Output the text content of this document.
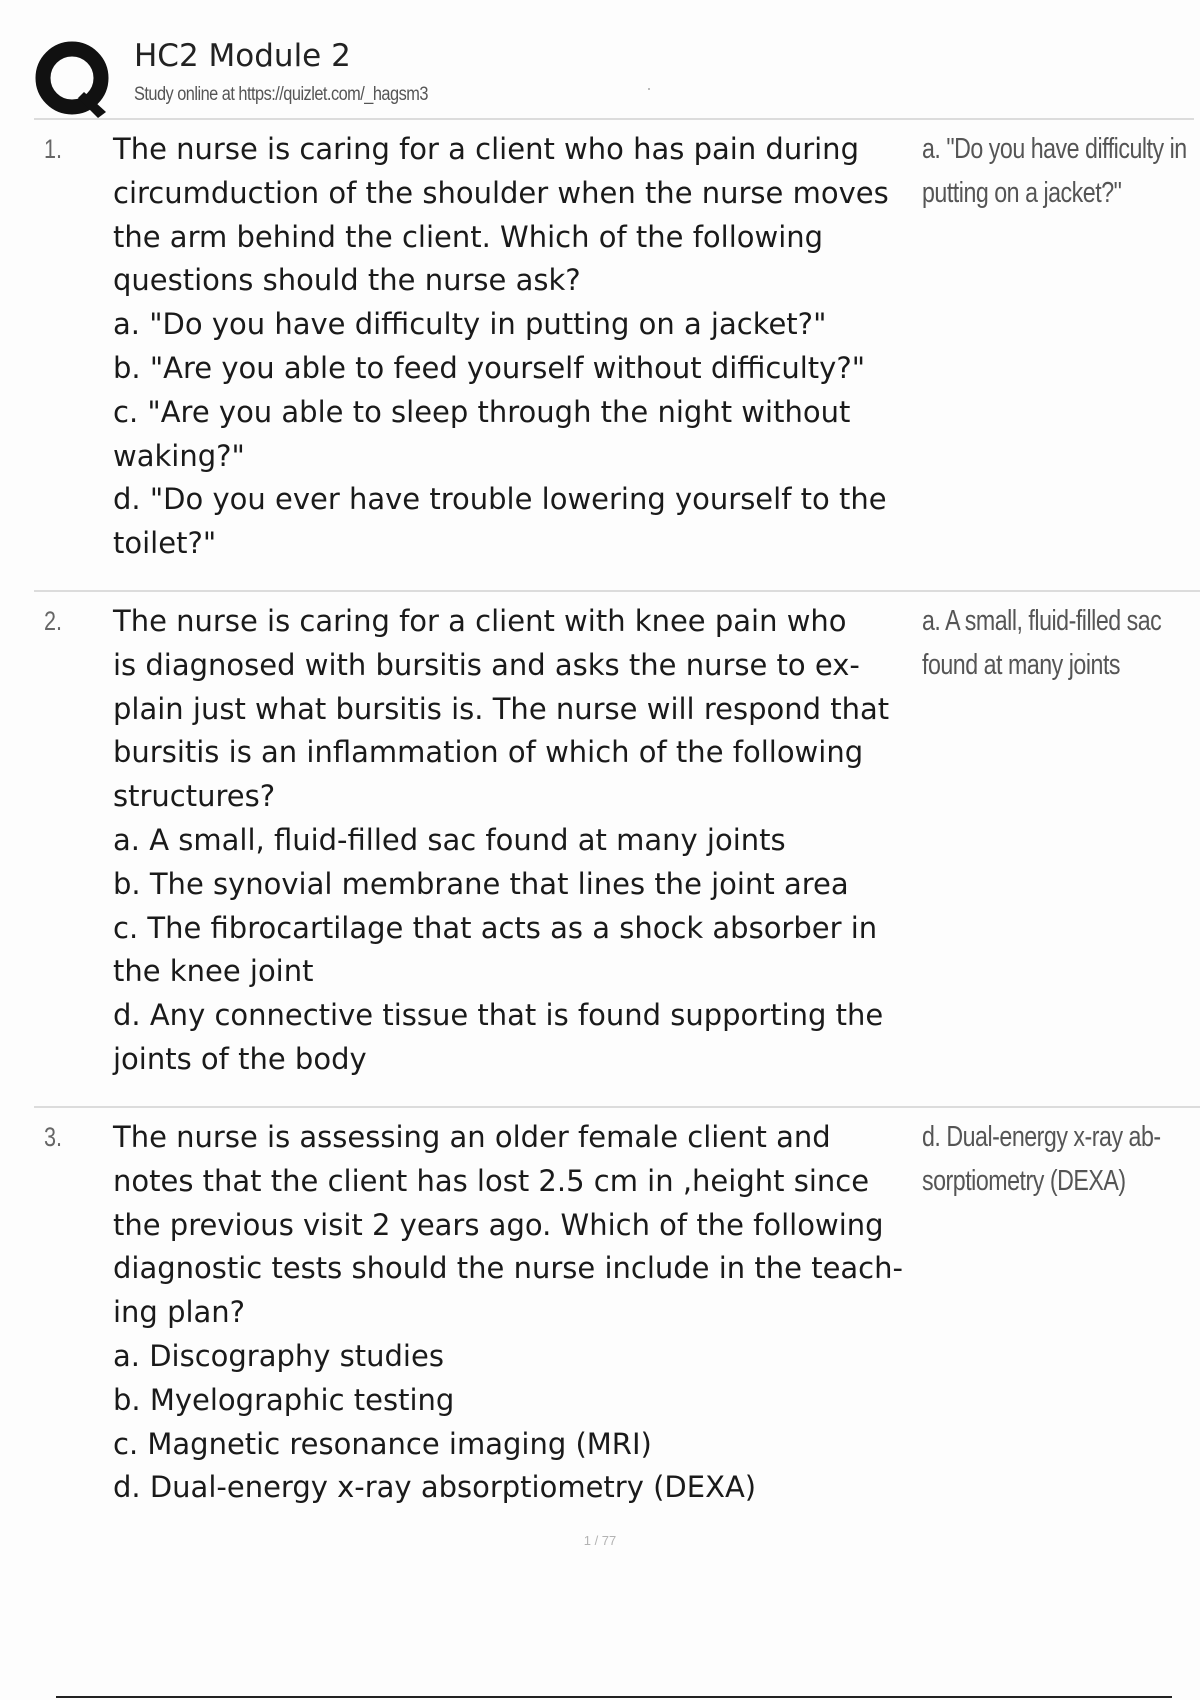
HC2 Module 2
Study online at https://quizlet.com/_hagsm3
1. The nurse is caring for a client who has pain during
circumduction of the shoulder when the nurse moves
the arm behind the client. Which of the following
questions should the nurse ask?
a. "Do you have difficulty in putting on a jacket?"
b. "Are you able to feed yourself without difficulty?"
c. "Are you able to sleep through the night without
waking?"
d. "Do you ever have trouble lowering yourself to the
toilet?"
a. "Do you have difficulty in
putting on a jacket?"
2. The nurse is caring for a client with knee pain who
is diagnosed with bursitis and asks the nurse to ex-
plain just what bursitis is. The nurse will respond that
bursitis is an inflammation of which of the following
structures?
a. A small, fluid-filled sac found at many joints
b. The synovial membrane that lines the joint area
c. The fibrocartilage that acts as a shock absorber in
the knee joint
d. Any connective tissue that is found supporting the
joints of the body
a. A small, fluid-filled sac
found at many joints
3. The nurse is assessing an older female client and
notes that the client has lost 2.5 cm in ,height since
the previous visit 2 years ago. Which of the following
diagnostic tests should the nurse include in the teach-
ing plan?
a. Discography studies
b. Myelographic testing
c. Magnetic resonance imaging (MRI)
d. Dual-energy x-ray absorptiometry (DEXA)
d. Dual-energy x-ray ab-
sorptiometry (DEXA)
1 / 77
